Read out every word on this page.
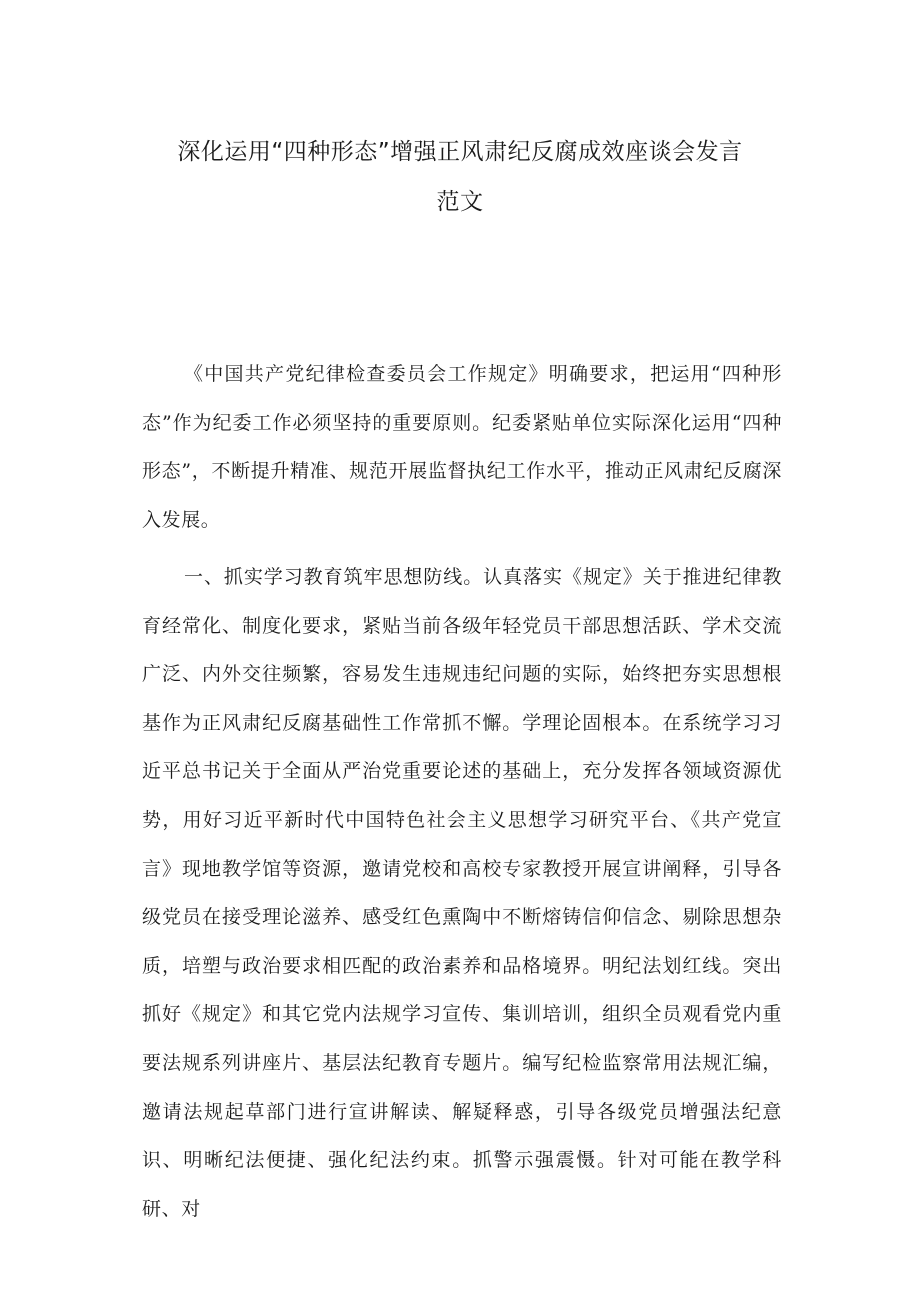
深化运用“四种形态”增强正风肃纪反腐成效座谈会发言
范文

《中国共产党纪律检查委员会工作规定》明确要求，把运用“四种形态”作为纪委工作必须坚持的重要原则。纪委紧贴单位实际深化运用“四种形态”，不断提升精准、规范开展监督执纪工作水平，推动正风肃纪反腐深入发展。

一、抓实学习教育筑牢思想防线。认真落实《规定》关于推进纪律教育经常化、制度化要求，紧贴当前各级年轻党员干部思想活跃、学术交流广泛、内外交往频繁，容易发生违规违纪问题的实际，始终把夯实思想根基作为正风肃纪反腐基础性工作常抓不懈。学理论固根本。在系统学习习近平总书记关于全面从严治党重要论述的基础上，充分发挥各领域资源优势，用好习近平新时代中国特色社会主义思想学习研究平台、《共产党宣言》现地教学馆等资源，邀请党校和高校专家教授开展宣讲阐释，引导各级党员在接受理论滋养、感受红色熏陶中不断熔铸信仰信念、剔除思想杂质，培塑与政治要求相匹配的政治素养和品格境界。明纪法划红线。突出抓好《规定》和其它党内法规学习宣传、集训培训，组织全员观看党内重要法规系列讲座片、基层法纪教育专题片。编写纪检监察常用法规汇编，邀请法规起草部门进行宣讲解读、解疑释惑，引导各级党员增强法纪意识、明晰纪法便捷、强化纪法约束。抓警示强震慑。针对可能在教学科研、对
